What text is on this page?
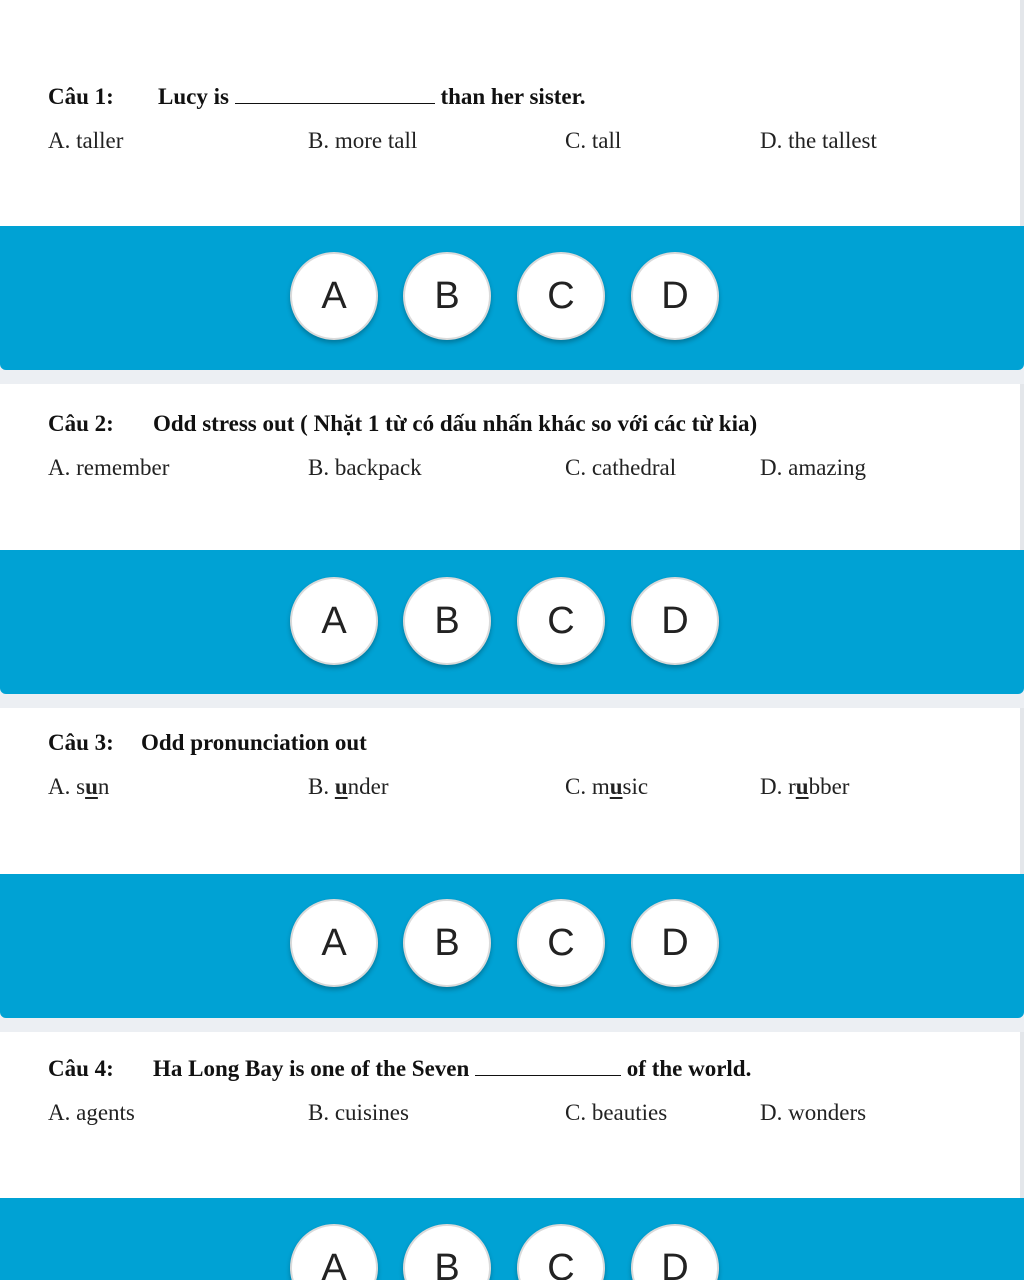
Câu 1: Lucy is	than her sister.
A. taller	B. more tall	C. tall	D. the tallest
A	B	C	D
Câu 2: Odd stress out ( Nhặt 1 từ có dấu nhấn khác so với các từ kia)
A. remember	B. backpack	C. cathedral	D. amazing
A	B	C	D
Câu 3: Odd pronunciation out
A. sun	B. under	C. music	D. rubber
A	B	C	D
Câu 4: Ha Long Bay is one of the Seven	of the world.
A. agents	B. cuisines	C. beauties	D. wonders
A	B	C	D
